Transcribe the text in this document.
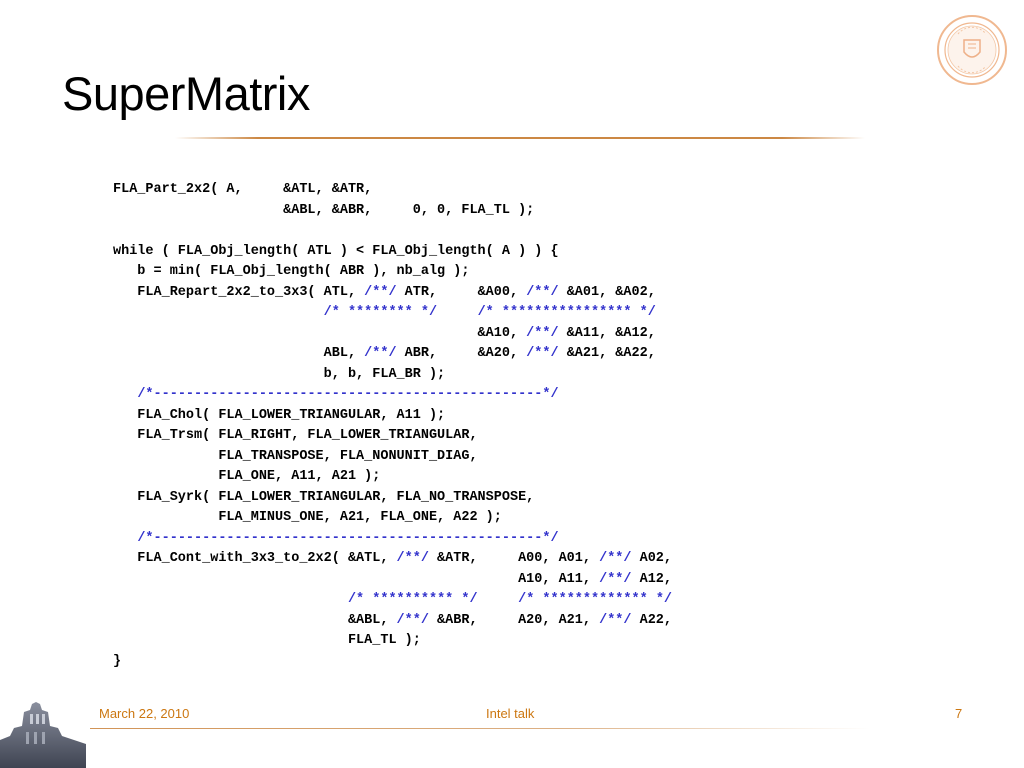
SuperMatrix
FLA_Part_2x2( A,     &ATL, &ATR,
&ABL, &ABR,     0, 0, FLA_TL );
while ( FLA_Obj_length( ATL ) < FLA_Obj_length( A ) ) {
b = min( FLA_Obj_length( ABR ), nb_alg );
FLA_Repart_2x2_to_3x3( ATL, /**/ ATR,     &A00, /**/ &A01, &A02,
/* ******** */	/* **************** */
&A10, /**/ &A11, &A12,
ABL, /**/ ABR,     &A20, /**/ &A21, &A22,
b, b, FLA_BR );
/*------------------------------------------------*/
FLA_Chol( FLA_LOWER_TRIANGULAR, A11 );
FLA_Trsm( FLA_RIGHT, FLA_LOWER_TRIANGULAR,
FLA_TRANSPOSE, FLA_NONUNIT_DIAG,
FLA_ONE, A11, A21 );
FLA_Syrk( FLA_LOWER_TRIANGULAR, FLA_NO_TRANSPOSE,
FLA_MINUS_ONE, A21, FLA_ONE, A22 );
/*------------------------------------------------*/
FLA_Cont_with_3x3_to_2x2( &ATL, /**/ &ATR,     A00, A01, /**/ A02,
A10, A11, /**/ A12,
/* ********** */	/* ************* */
&ABL, /**/ &ABR,     A20, A21, /**/ A22,
FLA_TL );
}
March 22, 2010	Intel talk	7
